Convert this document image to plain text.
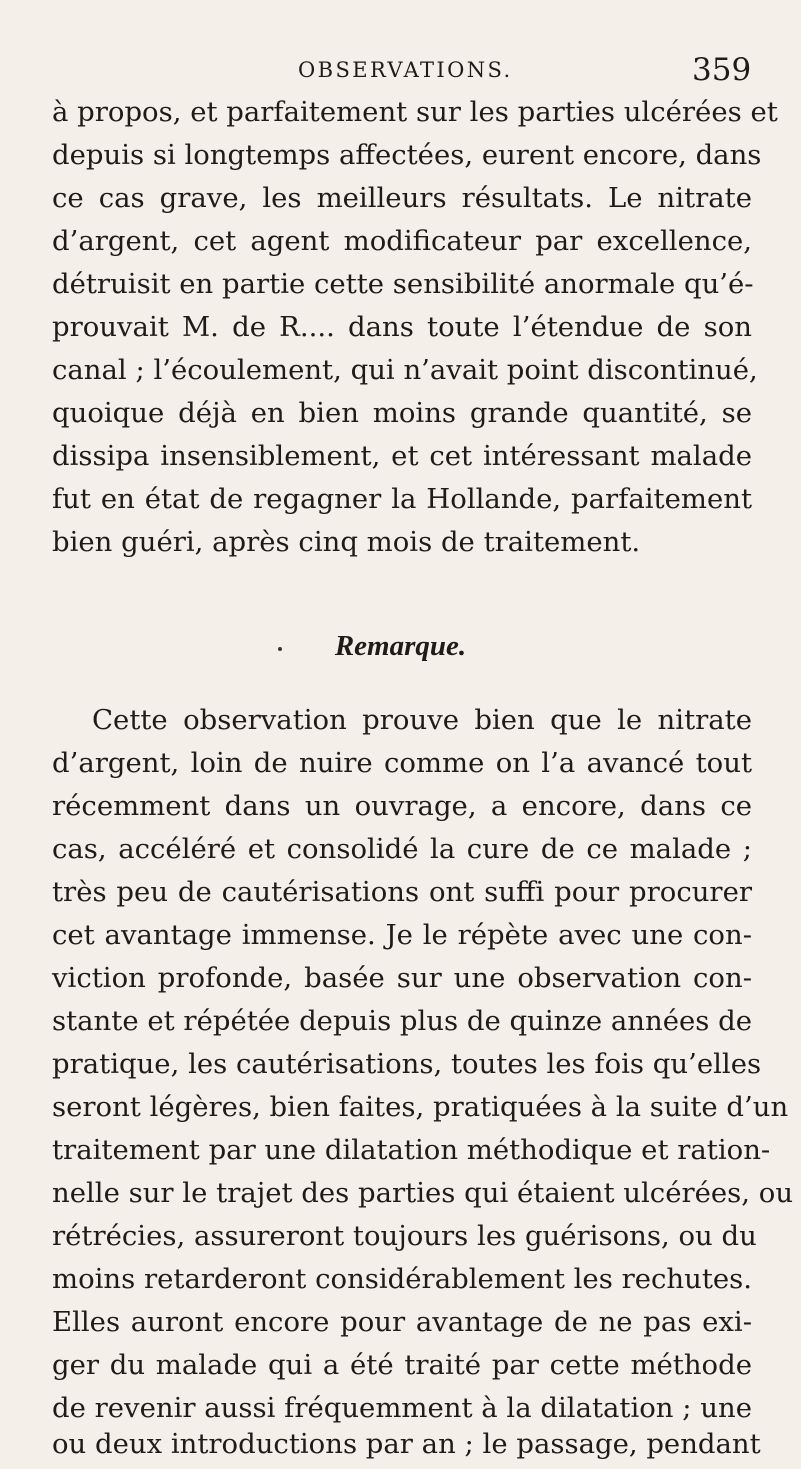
OBSERVATIONS.	359
à propos, et parfaitement sur les parties ulcérées et
depuis si longtemps affectées, eurent encore, dans
ce cas grave, les meilleurs résultats. Le nitrate
d’argent, cet agent modificateur par excellence,
détruisit en partie cette sensibilité anormale qu’é-
prouvait M. de R.... dans toute l’étendue de son
canal ; l’écoulement, qui n’avait point discontinué,
quoique déjà en bien moins grande quantité, se
dissipa insensiblement, et cet intéressant malade
fut en état de regagner la Hollande, parfaitement
bien guéri, après cinq mois de traitement.
Remarque.
Cette observation prouve bien que le nitrate
d’argent, loin de nuire comme on l’a avancé tout
récemment dans un ouvrage, a encore, dans ce
cas, accéléré et consolidé la cure de ce malade ;
très peu de cautérisations ont suffi pour procurer
cet avantage immense. Je le répète avec une con-
viction profonde, basée sur une observation con-
stante et répétée depuis plus de quinze années de
pratique, les cautérisations, toutes les fois qu’elles
seront légères, bien faites, pratiquées à la suite d’un
traitement par une dilatation méthodique et ration-
nelle sur le trajet des parties qui étaient ulcérées, ou
rétrécies, assureront toujours les guérisons, ou du
moins retarderont considérablement les rechutes.
Elles auront encore pour avantage de ne pas exi-
ger du malade qui a été traité par cette méthode
de revenir aussi fréquemment à la dilatation ; une
ou deux introductions par an ; le passage, pendant
